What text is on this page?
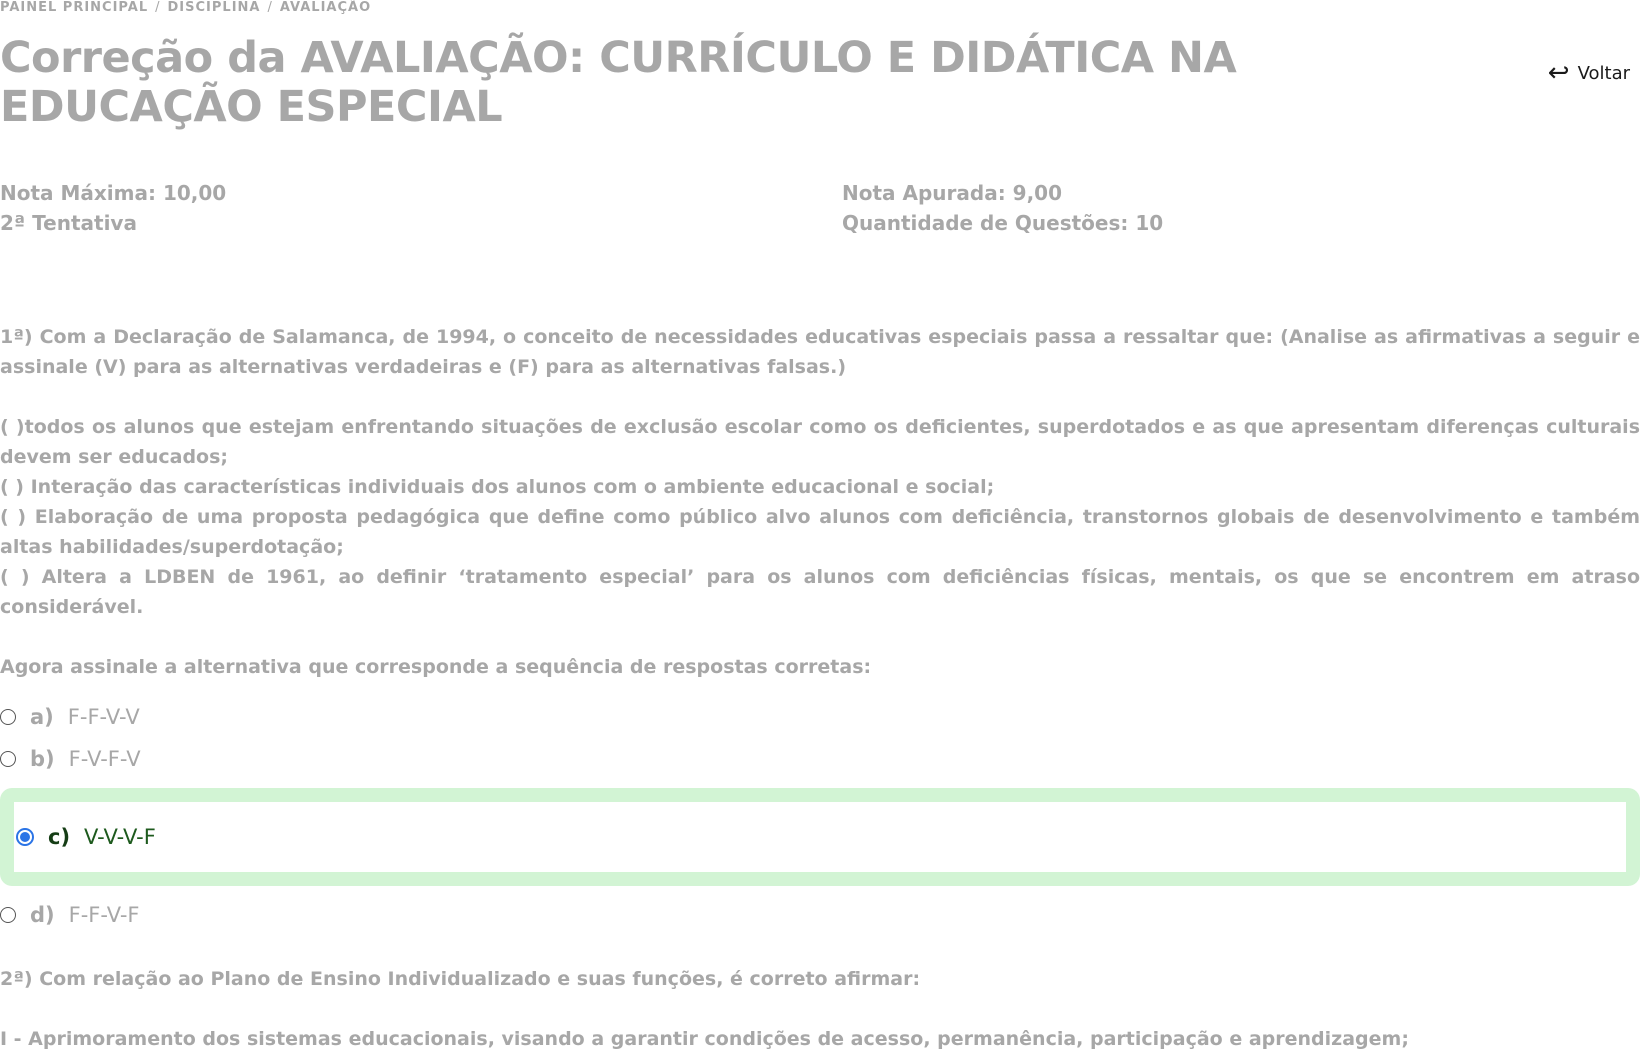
PAINEL PRINCIPAL / DISCIPLINA / AVALIAÇÃO
Correção da AVALIAÇÃO: CURRÍCULO E DIDÁTICA NA EDUCAÇÃO ESPECIAL
↩ Voltar
Nota Máxima: 10,00
2ª Tentativa
Nota Apurada: 9,00
Quantidade de Questões: 10

1ª) Com a Declaração de Salamanca, de 1994, o conceito de necessidades educativas especiais passa a ressaltar que: (Analise as afirmativas a seguir e assinale (V) para as alternativas verdadeiras e (F) para as alternativas falsas.)

( )todos os alunos que estejam enfrentando situações de exclusão escolar como os deficientes, superdotados e as que apresentam diferenças culturais devem ser educados;

( ) Interação das características individuais dos alunos com o ambiente educacional e social;

( ) Elaboração de uma proposta pedagógica que define como público alvo alunos com deficiência, transtornos globais de desenvolvimento e também altas habilidades/superdotação;

( ) Altera a LDBEN de 1961, ao definir ‘tratamento especial’ para os alunos com deficiências físicas, mentais, os que se encontrem em atraso considerável.

Agora assinale a alternativa que corresponde a sequência de respostas corretas:
a) F-F-V-V
b) F-V-F-V
c) V-V-V-F
d) F-F-V-F
2ª) Com relação ao Plano de Ensino Individualizado e suas funções, é correto afirmar:
I - Aprimoramento dos sistemas educacionais, visando a garantir condições de acesso, permanência, participação e aprendizagem;
